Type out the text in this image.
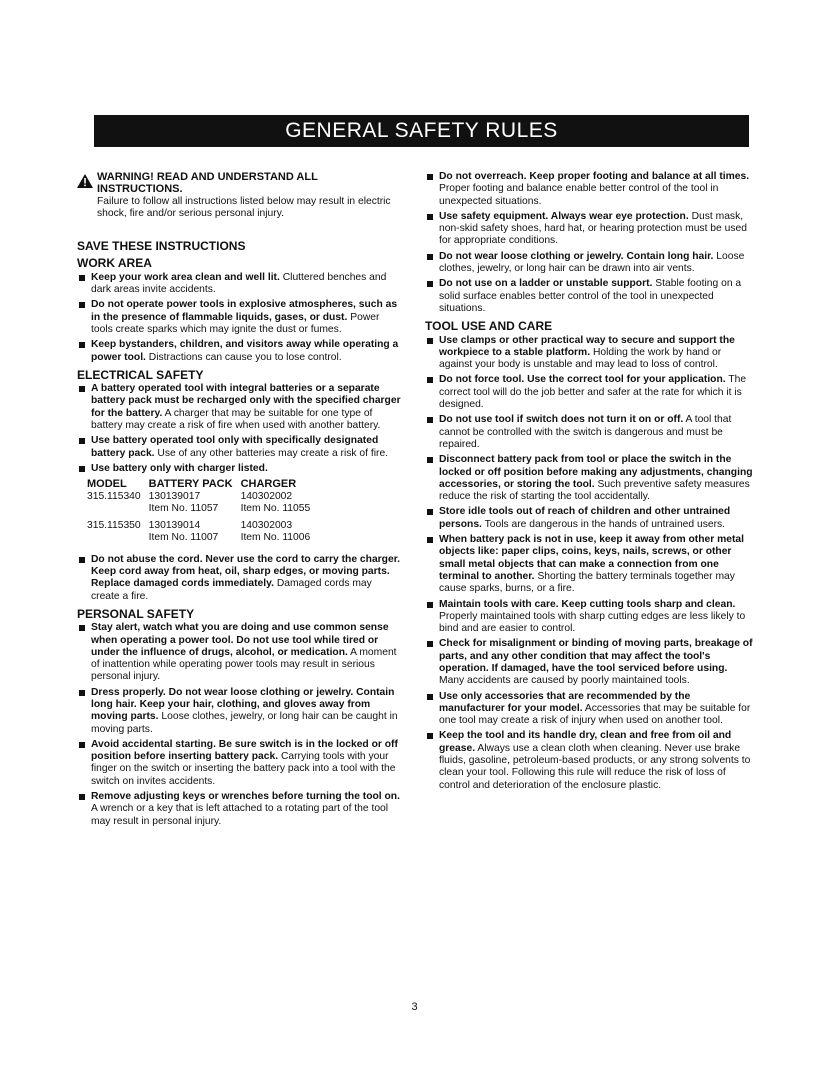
GENERAL SAFETY RULES
WARNING! READ AND UNDERSTAND ALL INSTRUCTIONS.
Failure to follow all instructions listed below may result in electric shock, fire and/or serious personal injury.
SAVE THESE INSTRUCTIONS
WORK AREA
Keep your work area clean and well lit. Cluttered benches and dark areas invite accidents.
Do not operate power tools in explosive atmospheres, such as in the presence of flammable liquids, gases, or dust. Power tools create sparks which may ignite the dust or fumes.
Keep bystanders, children, and visitors away while operating a power tool. Distractions can cause you to lose control.
ELECTRICAL SAFETY
A battery operated tool with integral batteries or a separate battery pack must be recharged only with the specified charger for the battery. A charger that may be suitable for one type of battery may create a risk of fire when used with another battery.
Use battery operated tool only with specifically designated battery pack. Use of any other batteries may create a risk of fire.
Use battery only with charger listed.
MODEL	BATTERY PACK	CHARGER
315.115340	130139017	140302002
	Item No. 11057	Item No. 11055
315.115350	130139014	140302003
	Item No. 11007	Item No. 11006
Do not abuse the cord. Never use the cord to carry the charger. Keep cord away from heat, oil, sharp edges, or moving parts. Replace damaged cords immediately. Damaged cords may create a fire.
PERSONAL SAFETY
Stay alert, watch what you are doing and use common sense when operating a power tool. Do not use tool while tired or under the influence of drugs, alcohol, or medication. A moment of inattention while operating power tools may result in serious personal injury.
Dress properly. Do not wear loose clothing or jewelry. Contain long hair. Keep your hair, clothing, and gloves away from moving parts. Loose clothes, jewelry, or long hair can be caught in moving parts.
Avoid accidental starting. Be sure switch is in the locked or off position before inserting battery pack. Carrying tools with your finger on the switch or inserting the battery pack into a tool with the switch on invites accidents.
Remove adjusting keys or wrenches before turning the tool on. A wrench or a key that is left attached to a rotating part of the tool may result in personal injury.
Do not overreach. Keep proper footing and balance at all times. Proper footing and balance enable better control of the tool in unexpected situations.
Use safety equipment. Always wear eye protection. Dust mask, non-skid safety shoes, hard hat, or hearing protection must be used for appropriate conditions.
Do not wear loose clothing or jewelry. Contain long hair. Loose clothes, jewelry, or long hair can be drawn into air vents.
Do not use on a ladder or unstable support. Stable footing on a solid surface enables better control of the tool in unexpected situations.
TOOL USE AND CARE
Use clamps or other practical way to secure and support the workpiece to a stable platform. Holding the work by hand or against your body is unstable and may lead to loss of control.
Do not force tool. Use the correct tool for your application. The correct tool will do the job better and safer at the rate for which it is designed.
Do not use tool if switch does not turn it on or off. A tool that cannot be controlled with the switch is dangerous and must be repaired.
Disconnect battery pack from tool or place the switch in the locked or off position before making any adjustments, changing accessories, or storing the tool. Such preventive safety measures reduce the risk of starting the tool accidentally.
Store idle tools out of reach of children and other untrained persons. Tools are dangerous in the hands of untrained users.
When battery pack is not in use, keep it away from other metal objects like: paper clips, coins, keys, nails, screws, or other small metal objects that can make a connection from one terminal to another. Shorting the battery terminals together may cause sparks, burns, or a fire.
Maintain tools with care. Keep cutting tools sharp and clean. Properly maintained tools with sharp cutting edges are less likely to bind and are easier to control.
Check for misalignment or binding of moving parts, breakage of parts, and any other condition that may affect the tool's operation. If damaged, have the tool serviced before using. Many accidents are caused by poorly maintained tools.
Use only accessories that are recommended by the manufacturer for your model. Accessories that may be suitable for one tool may create a risk of injury when used on another tool.
Keep the tool and its handle dry, clean and free from oil and grease. Always use a clean cloth when cleaning. Never use brake fluids, gasoline, petroleum-based products, or any strong solvents to clean your tool. Following this rule will reduce the risk of loss of control and deterioration of the enclosure plastic.
3
